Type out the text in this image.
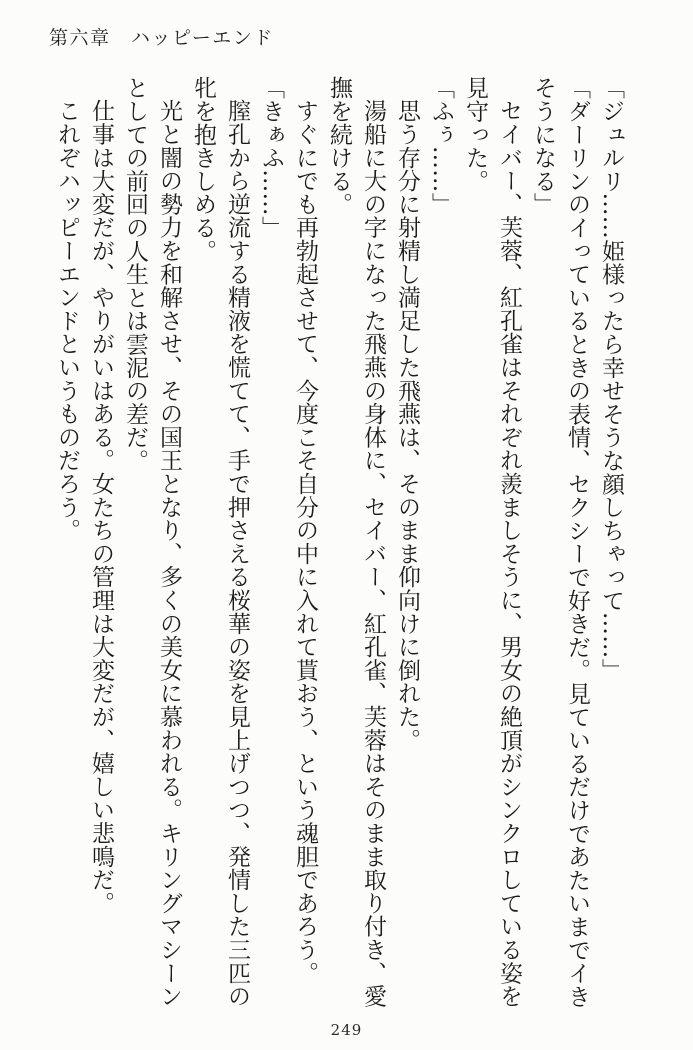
第六章　ハッピーエンド
「ジュルリ……姫様ったら幸せそうな顔しちゃって……」
「ダーリンのイっているときの表情、セクシーで好きだ。見ているだけであたいまでイき
そうになる」
セイバー、芙蓉、紅孔雀はそれぞれ羨ましそうに、男女の絶頂がシンクロしている姿を
見守った。
「ふぅ……」
思う存分に射精し満足した飛燕は、そのまま仰向けに倒れた。
湯船に大の字になった飛燕の身体に、セイバー、紅孔雀、芙蓉はそのまま取り付き、愛
撫を続ける。
すぐにでも再勃起させて、今度こそ自分の中に入れて貰おう、という魂胆であろう。
「きぁふ……」
膣孔から逆流する精液を慌てて、手で押さえる桜華の姿を見上げつつ、発情した三匹の
牝を抱きしめる。
光と闇の勢力を和解させ、その国王となり、多くの美女に慕われる。キリングマシーン
としての前回の人生とは雲泥の差だ。
仕事は大変だが、やりがいはある。女たちの管理は大変だが、嬉しい悲鳴だ。
これぞハッピーエンドというものだろう。
249
